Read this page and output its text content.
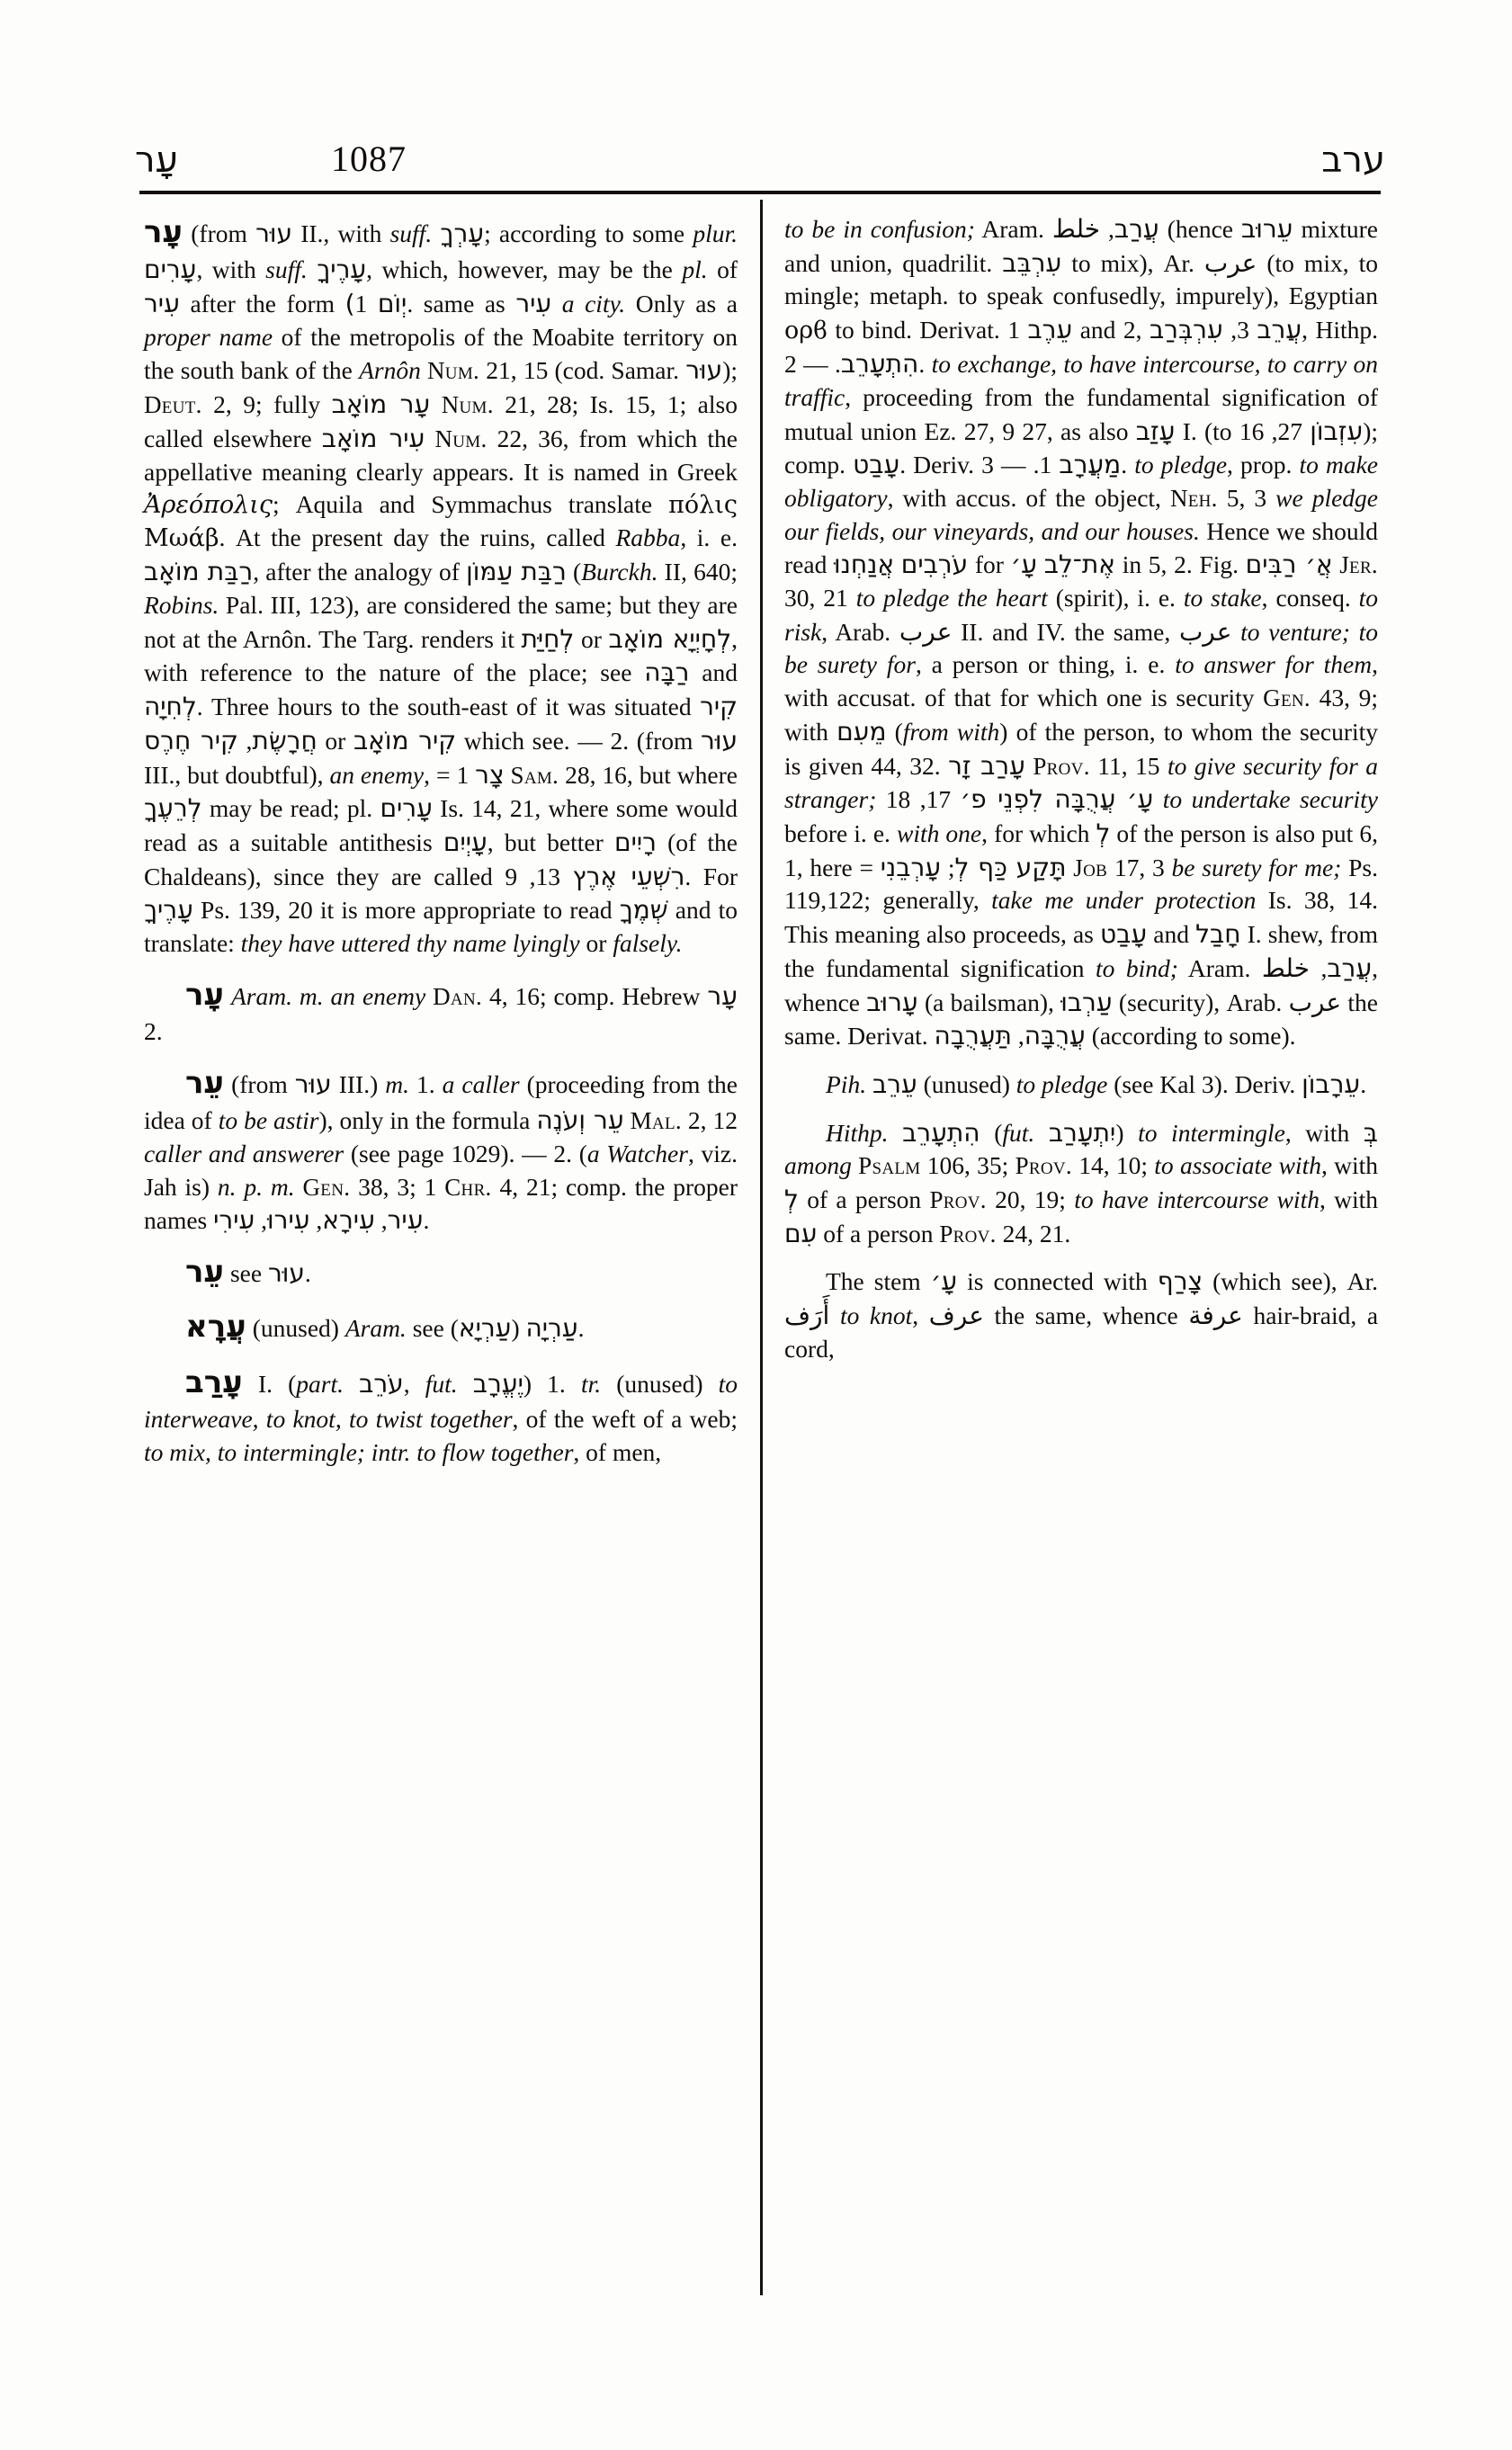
עָר	1087	ערב
עָר (from עוּר II., with suff. עָרְךָ; according to some plur. עָרִים, with suff. עָרֶיךָ, which, however, may be the pl. of עִיר after the form (יְוֹם 1. same as עִיר a city. Only as a proper name of the metropolis of the Moabite territory on the south bank of the Arnôn Num. 21, 15 (cod. Samar. עוּר); Deut. 2, 9; fully עָר מוֹאָב Num. 21, 28; Is. 15, 1; also called elsewhere עִיר מוֹאָב Num. 22, 36, from which the appellative meaning clearly appears. It is named in Greek Ἀρεόπολις; Aquila and Symmachus translate πόλις Μωάβ. At the present day the ruins, called Rabba, i. e. רַבַּת מוֹאָב, after the analogy of רַבַּת עַמּוֹן (Burckh. II, 640; Robins. Pal. III, 123), are considered the same; but they are not at the Arnôn. The Targ. renders it לְחַיַּת or לְחָיְיָא מוֹאָב, with reference to the nature of the place; see רַבָּה and לְחִיָה. Three hours to the south-east of it was situated קִיר חֲרָשֶׂת, קִיר חֶרֶס	or קִיר מוֹאָב which see. — 2. (from עוּר III., but doubtful), an enemy, = צָר 1 Sam. 28, 16, but where לְרֵעֶךָ may be read; pl. עָרִים Is. 14, 21, where some would read as a suitable antithesis עָיְיִם, but better רָיִים (of the Chaldeans), since they are called	רִשְׁעֵי אֶרֶץ 13, 9. For עָרֶיךָ Ps. 139, 20 it is more appropriate to read שְׁמֶךָ and to translate: they have uttered thy name lyingly or falsely.
עָר Aram. m. an enemy Dan. 4, 16; comp. Hebrew עָר 2.
עֵר (from עוּר III.) m. 1. a caller (proceeding from the idea of to be astir), only in the formula עֵר וְעֹנֶה Mal. 2, 12 caller and answerer (see page 1029). — 2. (a Watcher, viz. Jah is) n. p. m. Gen. 38, 3; 1 Chr. 4, 21; comp. the proper names	עִיר, עִירָא, עִירוּ, עִירִי	.
עֵר see עוּר.
עֲרָא (unused) Aram. see	עַרְיָה (עַרְיָא).
עָרַב I. (part. עֹרֵב, fut. יֶעֱרָב) 1. tr. (unused) to interweave, to knot, to twist together, of the weft of a web; to mix, to intermingle; intr. to flow together, of men,
to be in confusion; Aram. עֲרַב, ﺧﻠﻂ (hence עֵרוּב mixture and union, quadrilit. עִרְבֵּב to mix), Ar. عرب (to mix, to mingle; metaph. to speak confusedly, impurely), Egyptian ορϐ to bind. Derivat. עֵרֶב 1 and 2,	עֲרֵב 3, עִרְבְּרַב	, Hithp. הִתְעָרֵב. — 2. to exchange, to have intercourse, to carry on traffic, proceeding from the fundamental signification of mutual union Ez. 27, 9 27, as also עָזַב I. (to	עִזְבוֹן 27, 16); comp. עָבַט. Deriv.	מַעֲרָב 1. — 3. to pledge, prop. to make obligatory, with accus. of the object, Neh. 5, 3 we pledge our fields, our vineyards, and our houses. Hence we should read	עֹרְבִים אֲנַחְנוּ	for אֶת־לֵב עָ׳	in 5, 2. Fig. אֲ׳ רַבִּים Jer. 30, 21 to pledge the heart (spirit), i. e. to stake, conseq. to risk, Arab. عرب II. and IV. the same, عرب to venture; to be surety for, a person or thing, i. e. to answer for them, with accusat. of that for which one is security Gen. 43, 9; with מֵעִם (from with) of the person, to whom the security is given 44, 32. עָרַב זָר Prov. 11, 15 to give security for a stranger;	עָ׳ עֲרֻבָּה לִפְנֵי פ׳ 17, 18 to undertake security before i. e. with one, for which לְ of the person is also put 6, 1, here =	תָּקַע כַּף לְ; עָרְבֵנִי	Job 17, 3 be surety for me; Ps. 119,122; generally, take me under protection Is. 38, 14. This meaning also proceeds, as עָבַט and חָבַל I. shew, from the fundamental signification to bind; Aram.	עֲרַב, ﺧﻠﻂ	, whence עָרוּב (a bailsman), עַרְבוּ (security), Arab. عرب the same. Derivat.	עֲרֻבָּה, תַּעֲרֻבָה	(according to some).
Pih. עֵרֵב (unused) to pledge (see Kal 3). Deriv. עֵרָבוֹן.
Hithp. הִתְעָרֵב (fut. יִתְעָרַב) to intermingle, with בְּ among Psalm 106, 35; Prov. 14, 10; to associate with, with לְ of a person Prov. 20, 19; to have intercourse with, with עִם of a person Prov. 24, 21.
The stem עָ׳ is connected with צָרַף (which see), Ar. أَرَف to knot, عرف the same, whence عرفة hair-braid, a cord,
